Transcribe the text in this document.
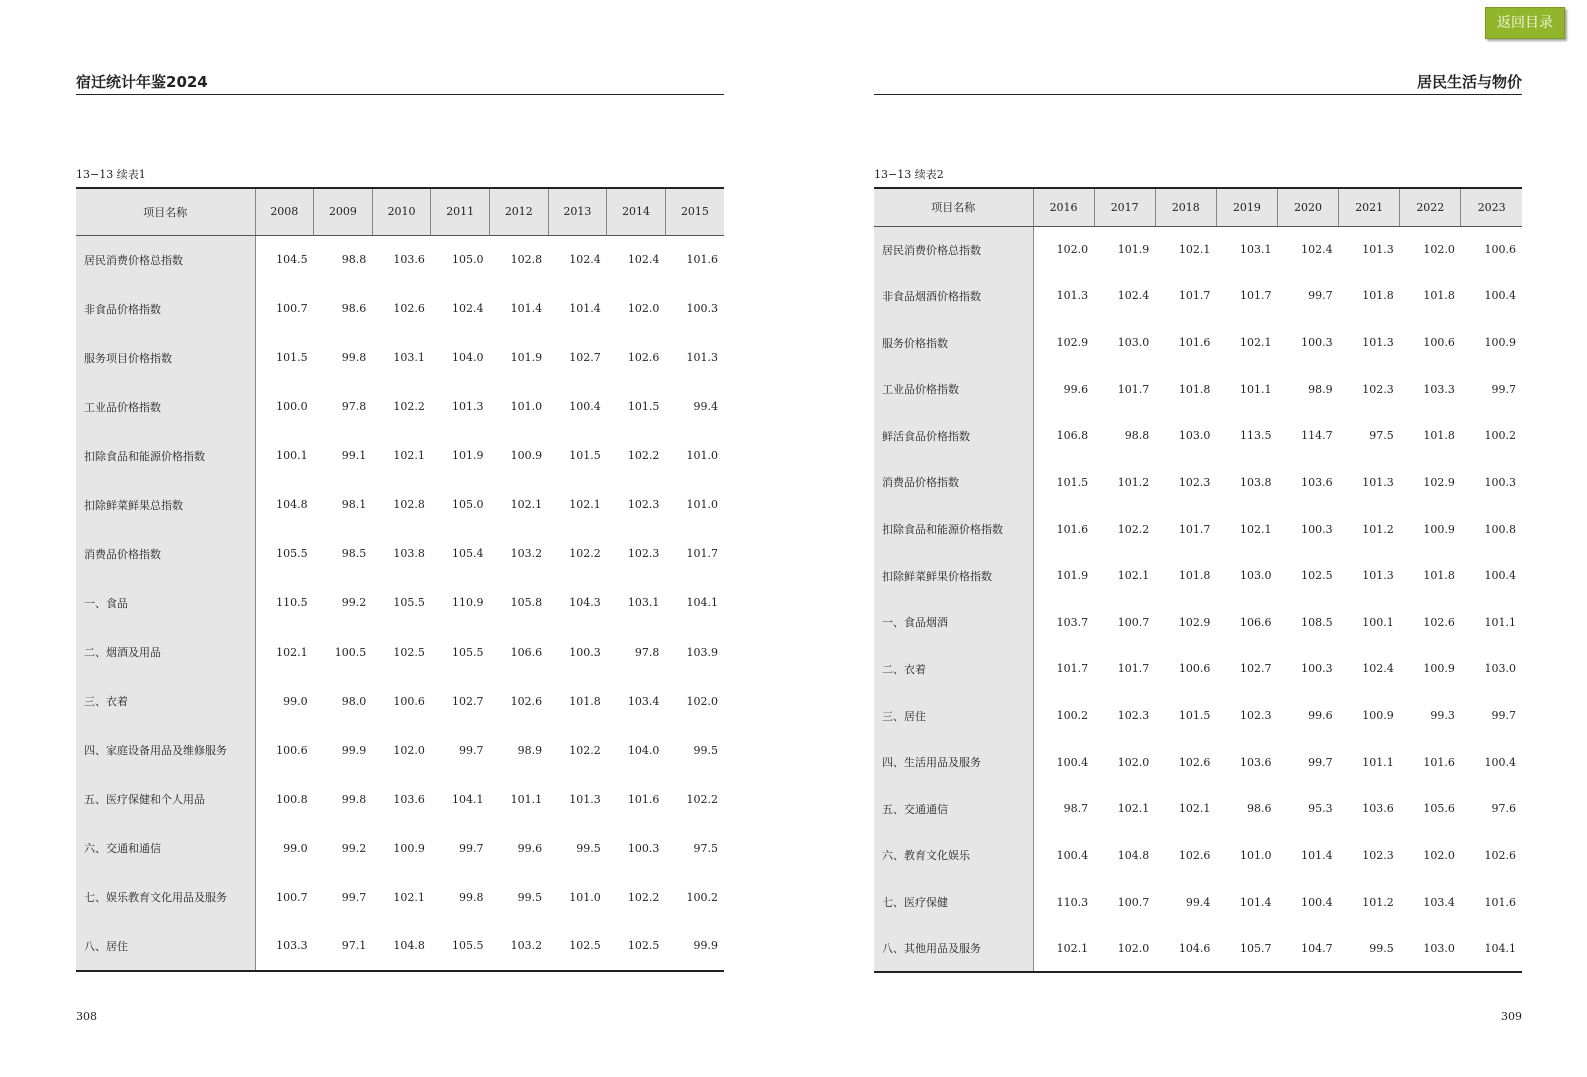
返回目录
宿迁统计年鉴2024
13−13 续表1
项目名称	2008	2009	2010	2011	2012	2013	2014	2015
居民消费价格总指数	104.5	98.8	103.6	105.0	102.8	102.4	102.4	101.6
非食品价格指数	100.7	98.6	102.6	102.4	101.4	101.4	102.0	100.3
服务项目价格指数	101.5	99.8	103.1	104.0	101.9	102.7	102.6	101.3
工业品价格指数	100.0	97.8	102.2	101.3	101.0	100.4	101.5	99.4
扣除食品和能源价格指数	100.1	99.1	102.1	101.9	100.9	101.5	102.2	101.0
扣除鲜菜鲜果总指数	104.8	98.1	102.8	105.0	102.1	102.1	102.3	101.0
消费品价格指数	105.5	98.5	103.8	105.4	103.2	102.2	102.3	101.7
一、食品	110.5	99.2	105.5	110.9	105.8	104.3	103.1	104.1
二、烟酒及用品	102.1	100.5	102.5	105.5	106.6	100.3	97.8	103.9
三、衣着	99.0	98.0	100.6	102.7	102.6	101.8	103.4	102.0
四、家庭设备用品及维修服务	100.6	99.9	102.0	99.7	98.9	102.2	104.0	99.5
五、医疗保健和个人用品	100.8	99.8	103.6	104.1	101.1	101.3	101.6	102.2
六、交通和通信	99.0	99.2	100.9	99.7	99.6	99.5	100.3	97.5
七、娱乐教育文化用品及服务	100.7	99.7	102.1	99.8	99.5	101.0	102.2	100.2
八、居住	103.3	97.1	104.8	105.5	103.2	102.5	102.5	99.9
308
居民生活与物价
13−13 续表2
项目名称	2016	2017	2018	2019	2020	2021	2022	2023
居民消费价格总指数	102.0	101.9	102.1	103.1	102.4	101.3	102.0	100.6
非食品烟酒价格指数	101.3	102.4	101.7	101.7	99.7	101.8	101.8	100.4
服务价格指数	102.9	103.0	101.6	102.1	100.3	101.3	100.6	100.9
工业品价格指数	99.6	101.7	101.8	101.1	98.9	102.3	103.3	99.7
鲜活食品价格指数	106.8	98.8	103.0	113.5	114.7	97.5	101.8	100.2
消费品价格指数	101.5	101.2	102.3	103.8	103.6	101.3	102.9	100.3
扣除食品和能源价格指数	101.6	102.2	101.7	102.1	100.3	101.2	100.9	100.8
扣除鲜菜鲜果价格指数	101.9	102.1	101.8	103.0	102.5	101.3	101.8	100.4
一、食品烟酒	103.7	100.7	102.9	106.6	108.5	100.1	102.6	101.1
二、衣着	101.7	101.7	100.6	102.7	100.3	102.4	100.9	103.0
三、居住	100.2	102.3	101.5	102.3	99.6	100.9	99.3	99.7
四、生活用品及服务	100.4	102.0	102.6	103.6	99.7	101.1	101.6	100.4
五、交通通信	98.7	102.1	102.1	98.6	95.3	103.6	105.6	97.6
六、教育文化娱乐	100.4	104.8	102.6	101.0	101.4	102.3	102.0	102.6
七、医疗保健	110.3	100.7	99.4	101.4	100.4	101.2	103.4	101.6
八、其他用品及服务	102.1	102.0	104.6	105.7	104.7	99.5	103.0	104.1
309
